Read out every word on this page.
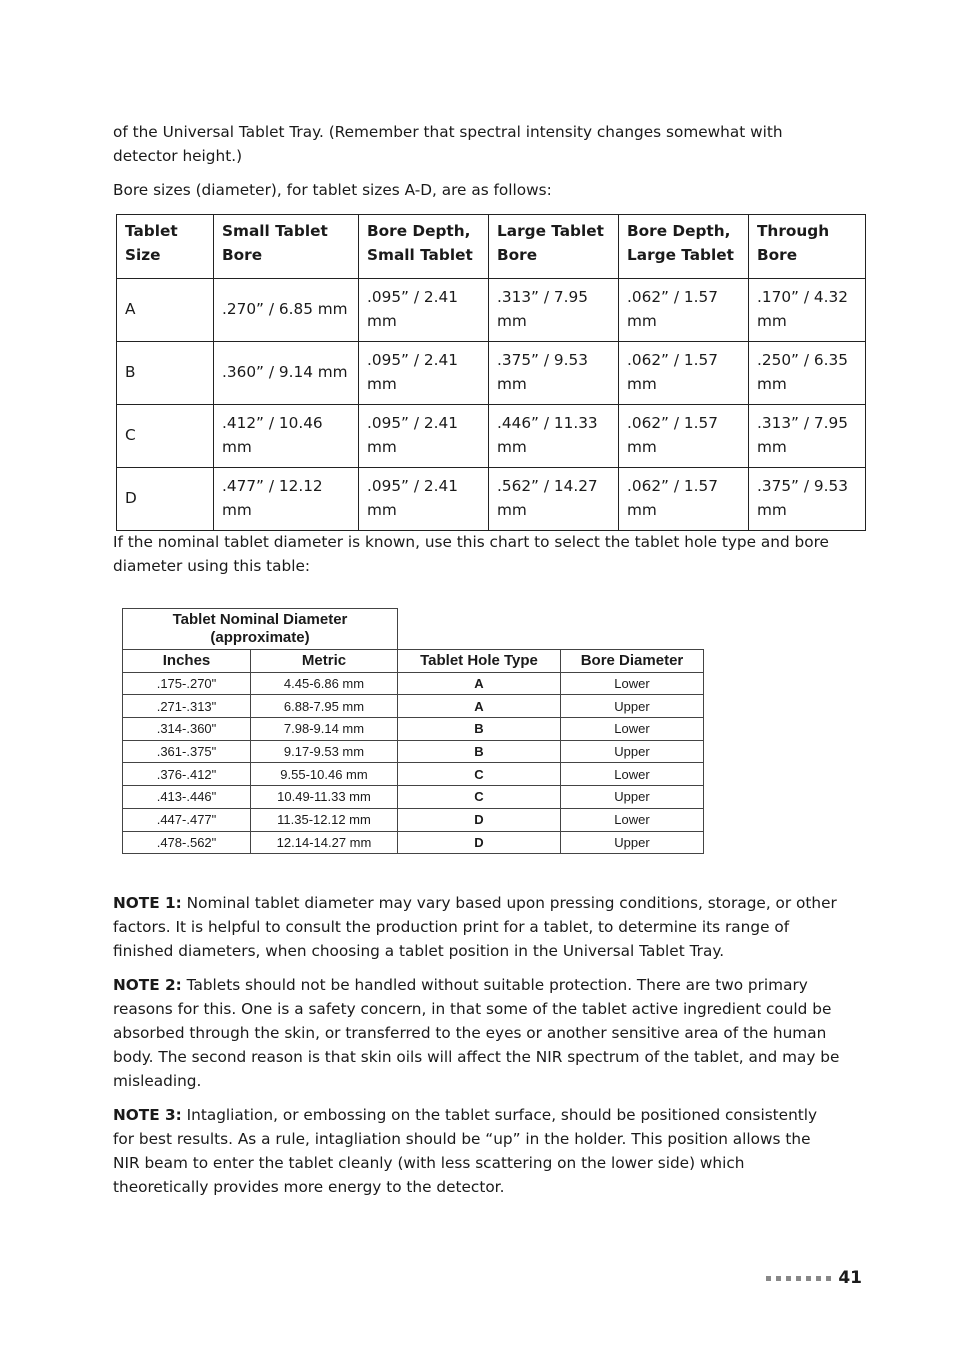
of the Universal Tablet Tray. (Remember that spectral intensity changes somewhat with detector height.)

Bore sizes (diameter), for tablet sizes A-D, are as follows:

Tablet Size	Small Tablet Bore	Bore Depth, Small Tablet	Large Tablet Bore	Bore Depth, Large Tablet	Through Bore
A	.270” / 6.85 mm	.095” / 2.41 mm	.313” / 7.95 mm	.062” / 1.57 mm	.170” / 4.32 mm
B	.360” / 9.14 mm	.095” / 2.41 mm	.375” / 9.53 mm	.062” / 1.57 mm	.250” / 6.35 mm
C	.412” / 10.46 mm	.095” / 2.41 mm	.446” / 11.33 mm	.062” / 1.57 mm	.313” / 7.95 mm
D	.477” / 12.12 mm	.095” / 2.41 mm	.562” / 14.27 mm	.062” / 1.57 mm	.375” / 9.53 mm

If the nominal tablet diameter is known, use this chart to select the tablet hole type and bore diameter using this table:

Tablet Nominal Diameter (approximate)			
Inches	Metric	Tablet Hole Type	Bore Diameter
.175-.270"	4.45-6.86 mm	A	Lower
.271-.313"	6.88-7.95 mm	A	Upper
.314-.360"	7.98-9.14 mm	B	Lower
.361-.375"	9.17-9.53 mm	B	Upper
.376-.412"	9.55-10.46 mm	C	Lower
.413-.446"	10.49-11.33 mm	C	Upper
.447-.477"	11.35-12.12 mm	D	Lower
.478-.562"	12.14-14.27 mm	D	Upper

NOTE 1: Nominal tablet diameter may vary based upon pressing conditions, storage, or other factors. It is helpful to consult the production print for a tablet, to determine its range of finished diameters, when choosing a tablet position in the Universal Tablet Tray.

NOTE 2: Tablets should not be handled without suitable protection. There are two primary reasons for this. One is a safety concern, in that some of the tablet active ingredient could be absorbed through the skin, or transferred to the eyes or another sensitive area of the human body. The second reason is that skin oils will affect the NIR spectrum of the tablet, and may be misleading.

NOTE 3: Intagliation, or embossing on the tablet surface, should be positioned consistently for best results. As a rule, intagliation should be “up” in the holder. This position allows the NIR beam to enter the tablet cleanly (with less scattering on the lower side) which theoretically provides more energy to the detector.

41
